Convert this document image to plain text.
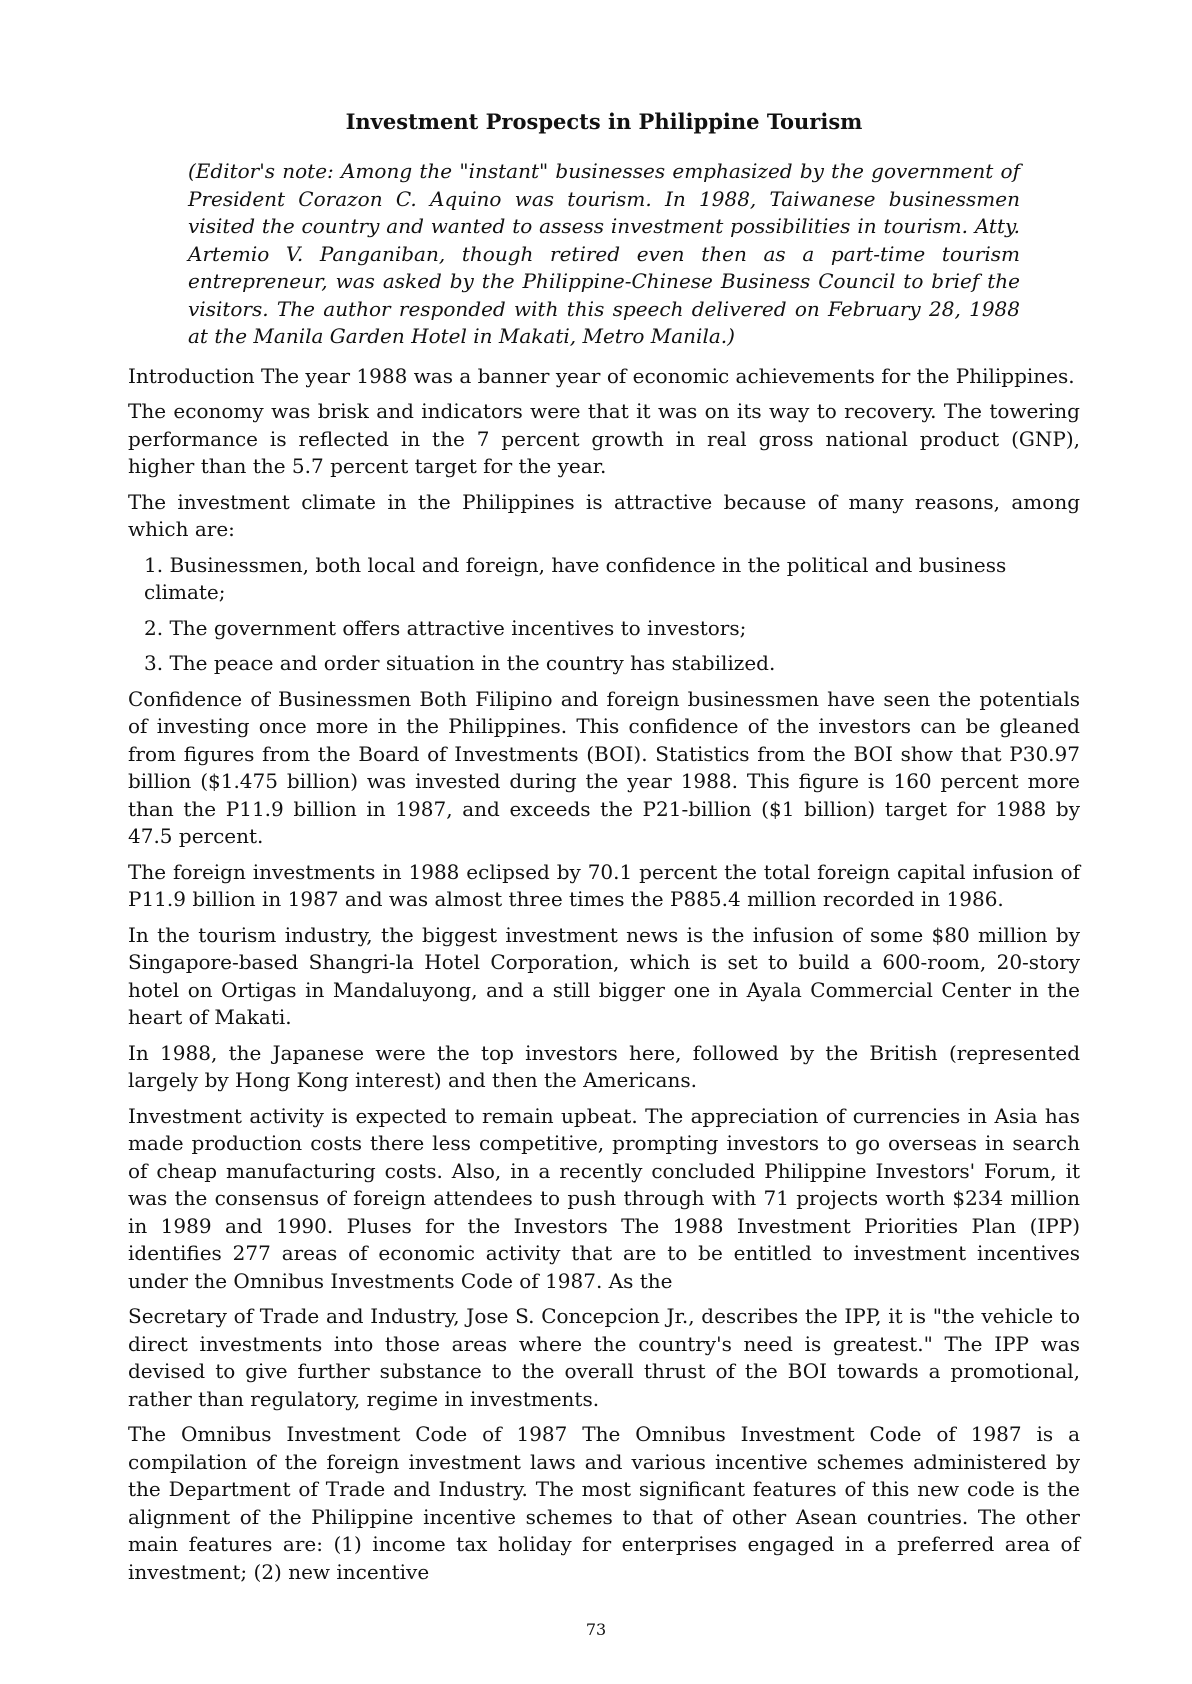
Investment Prospects in Philippine Tourism

(Editor's note: Among the "instant" businesses emphasized by the government of President Corazon C. Aquino was tourism. In 1988, Taiwanese businessmen visited the country and wanted to assess investment possibilities in tourism. Atty. Artemio V. Panganiban, though retired even then as a part-time tourism entrepreneur, was asked by the Philippine-Chinese Business Council to brief the visitors. The author responded with this speech delivered on February 28, 1988 at the Manila Garden Hotel in Makati, Metro Manila.)

Introduction The year 1988 was a banner year of economic achievements for the Philippines.

The economy was brisk and indicators were that it was on its way to recovery. The towering performance is reflected in the 7 percent growth in real gross national product (GNP), higher than the 5.7 percent target for the year.

The investment climate in the Philippines is attractive because of many reasons, among which are:

1. Businessmen, both local and foreign, have confidence in the political and business climate;
2. The government offers attractive incentives to investors;
3. The peace and order situation in the country has stabilized.

Confidence of Businessmen Both Filipino and foreign businessmen have seen the potentials of investing once more in the Philippines. This confidence of the investors can be gleaned from figures from the Board of Investments (BOI). Statistics from the BOI show that P30.97 billion ($1.475 billion) was invested during the year 1988. This figure is 160 percent more than the P11.9 billion in 1987, and exceeds the P21-billion ($1 billion) target for 1988 by 47.5 percent.

The foreign investments in 1988 eclipsed by 70.1 percent the total foreign capital infusion of P11.9 billion in 1987 and was almost three times the P885.4 million recorded in 1986.

In the tourism industry, the biggest investment news is the infusion of some $80 million by Singapore-based Shangri-la Hotel Corporation, which is set to build a 600-room, 20-story hotel on Ortigas in Mandaluyong, and a still bigger one in Ayala Commercial Center in the heart of Makati.

In 1988, the Japanese were the top investors here, followed by the British (represented largely by Hong Kong interest) and then the Americans.

Investment activity is expected to remain upbeat. The appreciation of currencies in Asia has made production costs there less competitive, prompting investors to go overseas in search of cheap manufacturing costs. Also, in a recently concluded Philippine Investors' Forum, it was the consensus of foreign attendees to push through with 71 projects worth $234 million in 1989 and 1990. Pluses for the Investors The 1988 Investment Priorities Plan (IPP) identifies 277 areas of economic activity that are to be entitled to investment incentives under the Omnibus Investments Code of 1987. As the

Secretary of Trade and Industry, Jose S. Concepcion Jr., describes the IPP, it is "the vehicle to direct investments into those areas where the country's need is greatest." The IPP was devised to give further substance to the overall thrust of the BOI towards a promotional, rather than regulatory, regime in investments.

The Omnibus Investment Code of 1987 The Omnibus Investment Code of 1987 is a compilation of the foreign investment laws and various incentive schemes administered by the Department of Trade and Industry. The most significant features of this new code is the alignment of the Philippine incentive schemes to that of other Asean countries. The other main features are: (1) income tax holiday for enterprises engaged in a preferred area of investment; (2) new incentive

73
